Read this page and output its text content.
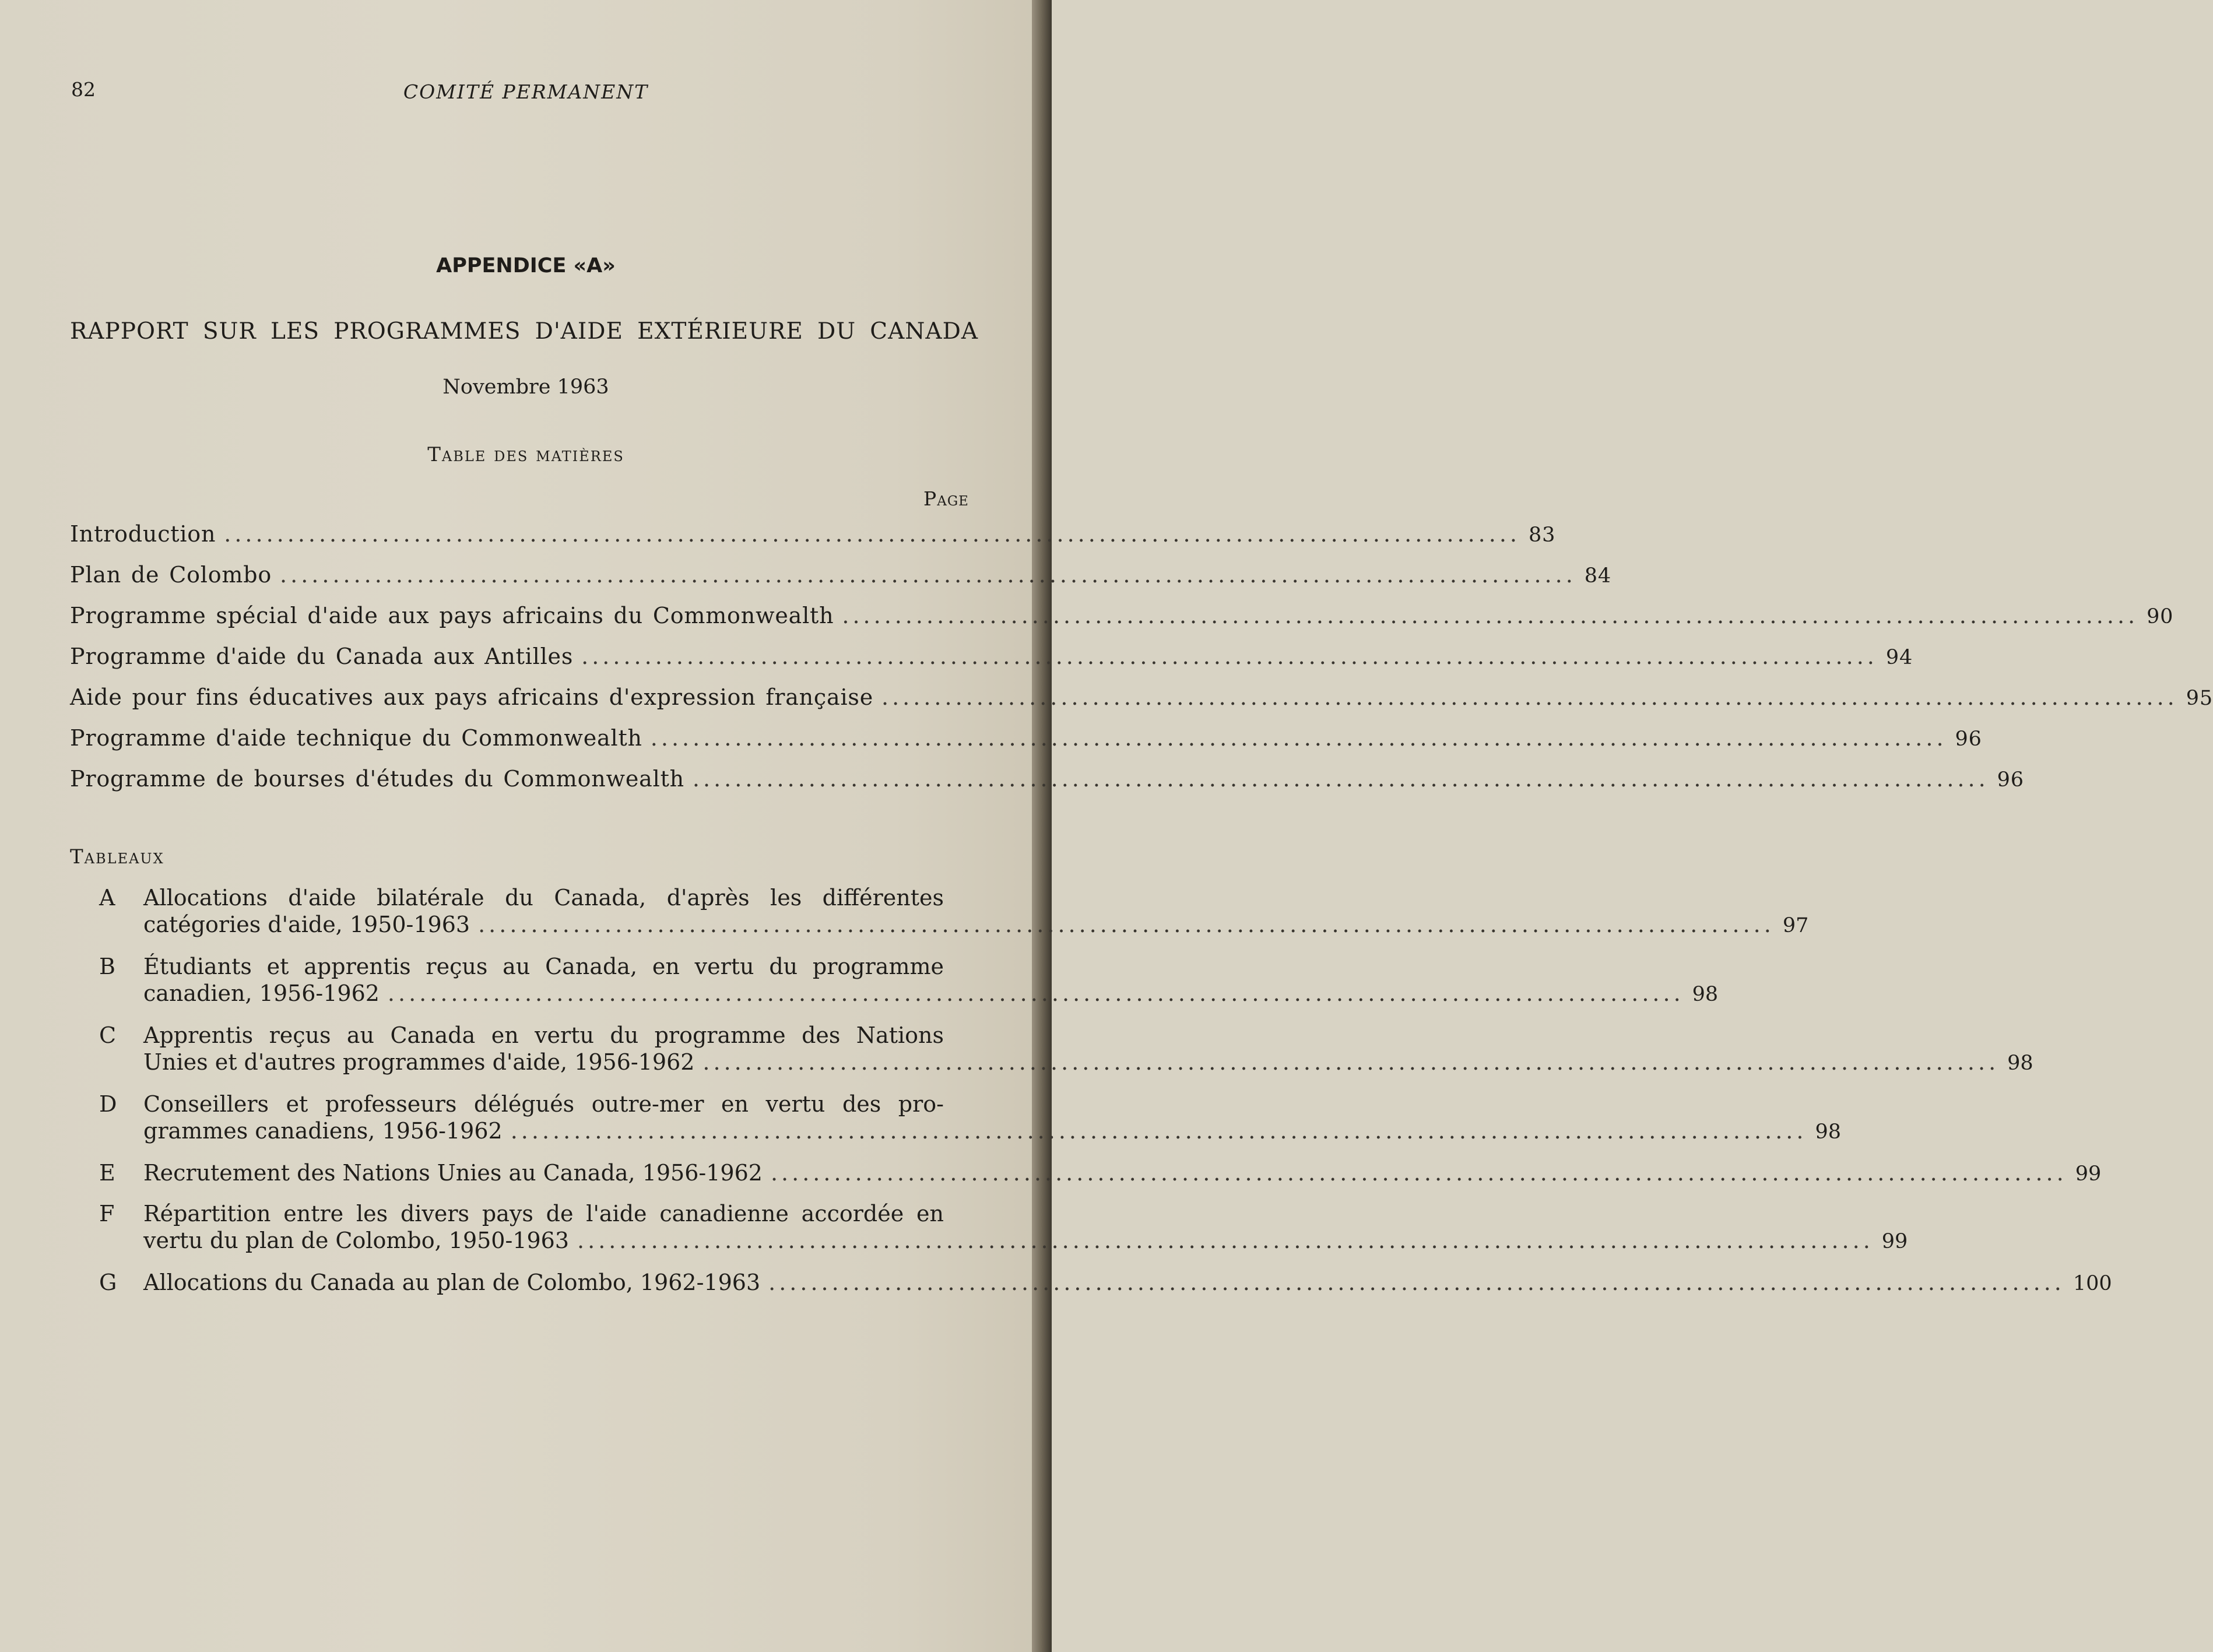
82	COMITÉ PERMANENT
APPENDICE «A»
RAPPORT SUR LES PROGRAMMES D'AIDE EXTÉRIEURE DU CANADA
Novembre 1963
Table des matières
Page
Introduction ........................................................................................................................... 83
Plan de Colombo ........................................................................................................................... 84
Programme spécial d'aide aux pays africains du Commonwealth ........................................................................................................................... 90
Programme d'aide du Canada aux Antilles ........................................................................................................................... 94
Aide pour fins éducatives aux pays africains d'expression française ........................................................................................................................... 95
Programme d'aide technique du Commonwealth ........................................................................................................................... 96
Programme de bourses d'études du Commonwealth ........................................................................................................................... 96
Tableaux
A	Allocations d'aide bilatérale du Canada, d'après les différentes
catégories d'aide, 1950-1963 ........................................................................................................................... 97
B	Étudiants et apprentis reçus au Canada, en vertu du programme
canadien, 1956-1962 ........................................................................................................................... 98
C Apprentis reçus au Canada en vertu du programme des Nations
Unies et d'autres programmes d'aide, 1956-1962 ........................................................................................................................... 98
D Conseillers et professeurs délégués outre-mer en vertu des pro-
grammes canadiens, 1956-1962 ........................................................................................................................... 98
E	Recrutement des Nations Unies au Canada, 1956-1962 ........................................................................................................................... 99
F	Répartition entre les divers pays de l'aide canadienne accordée en
vertu du plan de Colombo, 1950-1963 ........................................................................................................................... 99
G Allocations du Canada au plan de Colombo, 1962-1963 ........................................................................................................................... 100
